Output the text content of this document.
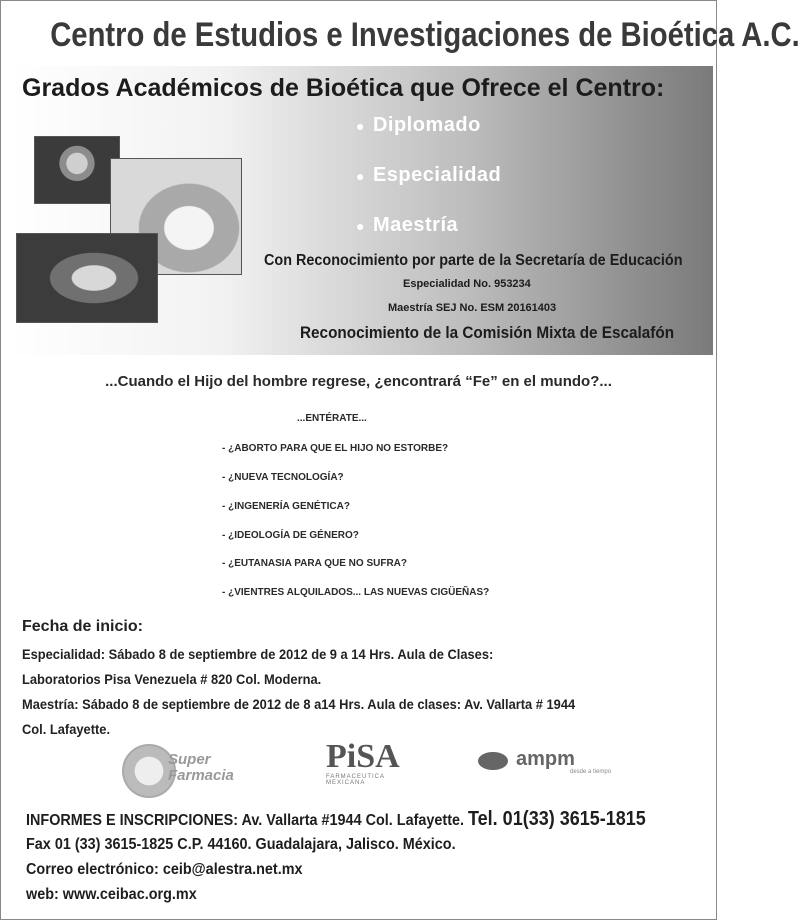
Centro de Estudios e Investigaciones de Bioética A.C.
Grados Académicos de Bioética que Ofrece el Centro:
● Diplomado
● Especialidad
● Maestría
Con Reconocimiento por parte de la Secretaría de Educación
Especialidad No. 953234
Maestría SEJ No. ESM 20161403
Reconocimiento de la Comisión Mixta de Escalafón
...Cuando el Hijo del hombre regrese, ¿encontrará “Fe” en el mundo?...
...ENTÉRATE...
- ¿ABORTO PARA QUE EL HIJO NO ESTORBE?
- ¿NUEVA TECNOLOGÍA?
- ¿INGENERÍA GENÉTICA?
- ¿IDEOLOGÍA DE GÉNERO?
- ¿EUTANASIA PARA QUE NO SUFRA?
- ¿VIENTRES ALQUILADOS... LAS NUEVAS CIGÜEÑAS?
Fecha de inicio:
Especialidad: Sábado 8 de septiembre de 2012 de 9 a 14 Hrs. Aula de Clases:
Laboratorios Pisa Venezuela # 820 Col. Moderna.
Maestría: Sábado 8 de septiembre de 2012 de 8 a14 Hrs. Aula de clases: Av. Vallarta # 1944
Col. Lafayette.
Super
Farmacia
PiSA
FARMACEUTICA MEXICANA
ampm
desde a tiempo
INFORMES E INSCRIPCIONES: Av. Vallarta #1944 Col. Lafayette. Tel. 01(33) 3615-1815
Fax 01 (33) 3615-1825 C.P. 44160. Guadalajara, Jalisco. México.
Correo electrónico: ceib@alestra.net.mx
web: www.ceibac.org.mx
